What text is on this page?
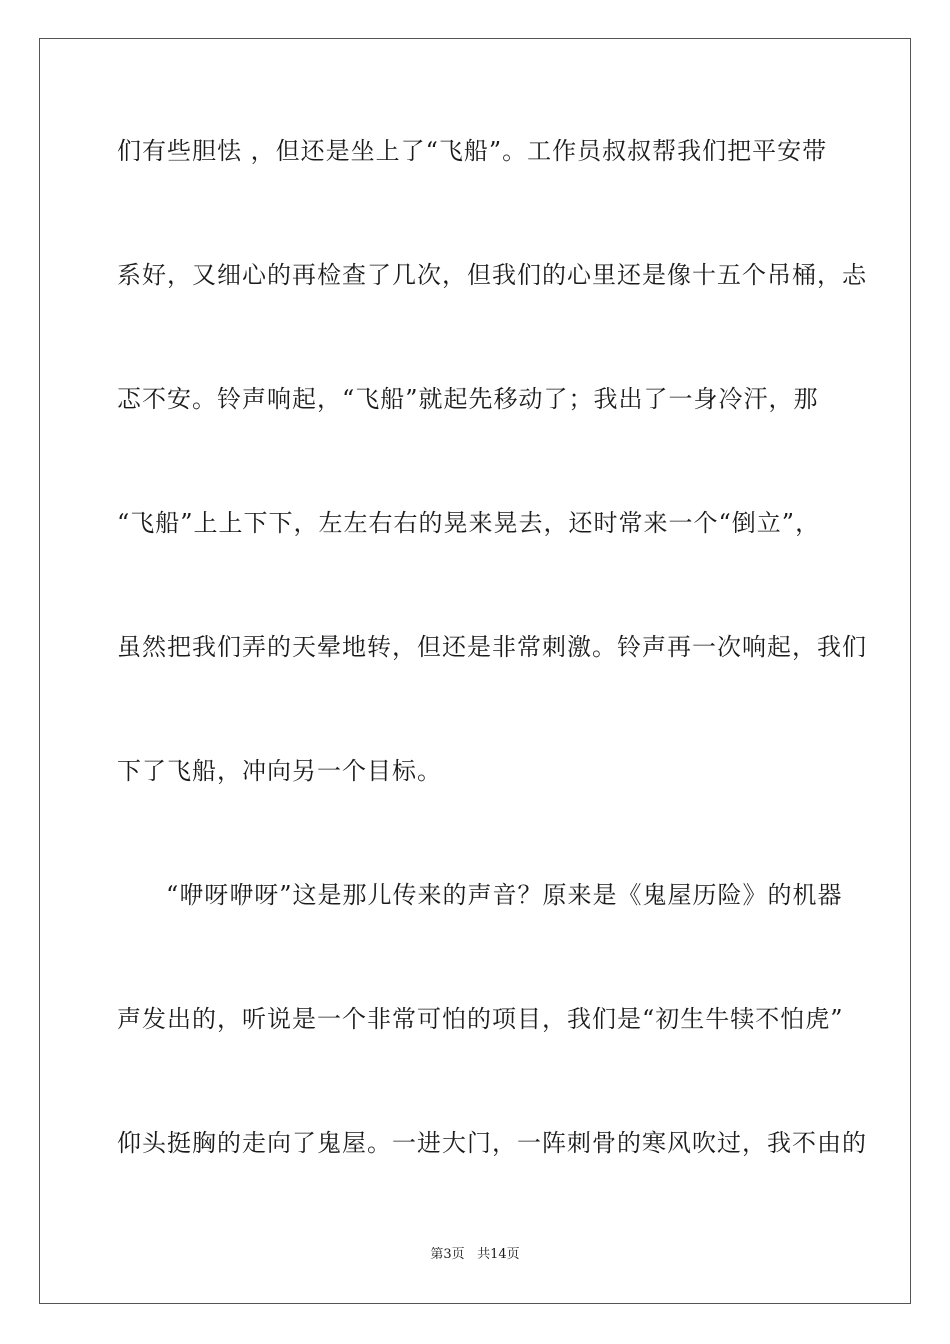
们有些胆怯 ，但还是坐上了“飞船”。工作员叔叔帮我们把平安带
系好，又细心的再检查了几次，但我们的心里还是像十五个吊桶，忐
忑不安。铃声响起，“飞船”就起先移动了；我出了一身冷汗，那
“飞船”上上下下，左左右右的晃来晃去，还时常来一个“倒立”，
虽然把我们弄的天晕地转，但还是非常刺激。铃声再一次响起，我们
下了飞船，冲向另一个目标。
“咿呀咿呀”这是那儿传来的声音？原来是《鬼屋历险》的机器
声发出的，听说是一个非常可怕的项目，我们是“初生牛犊不怕虎”
仰头挺胸的走向了鬼屋。一进大门，一阵刺骨的寒风吹过，我不由的
第3页 共14页
